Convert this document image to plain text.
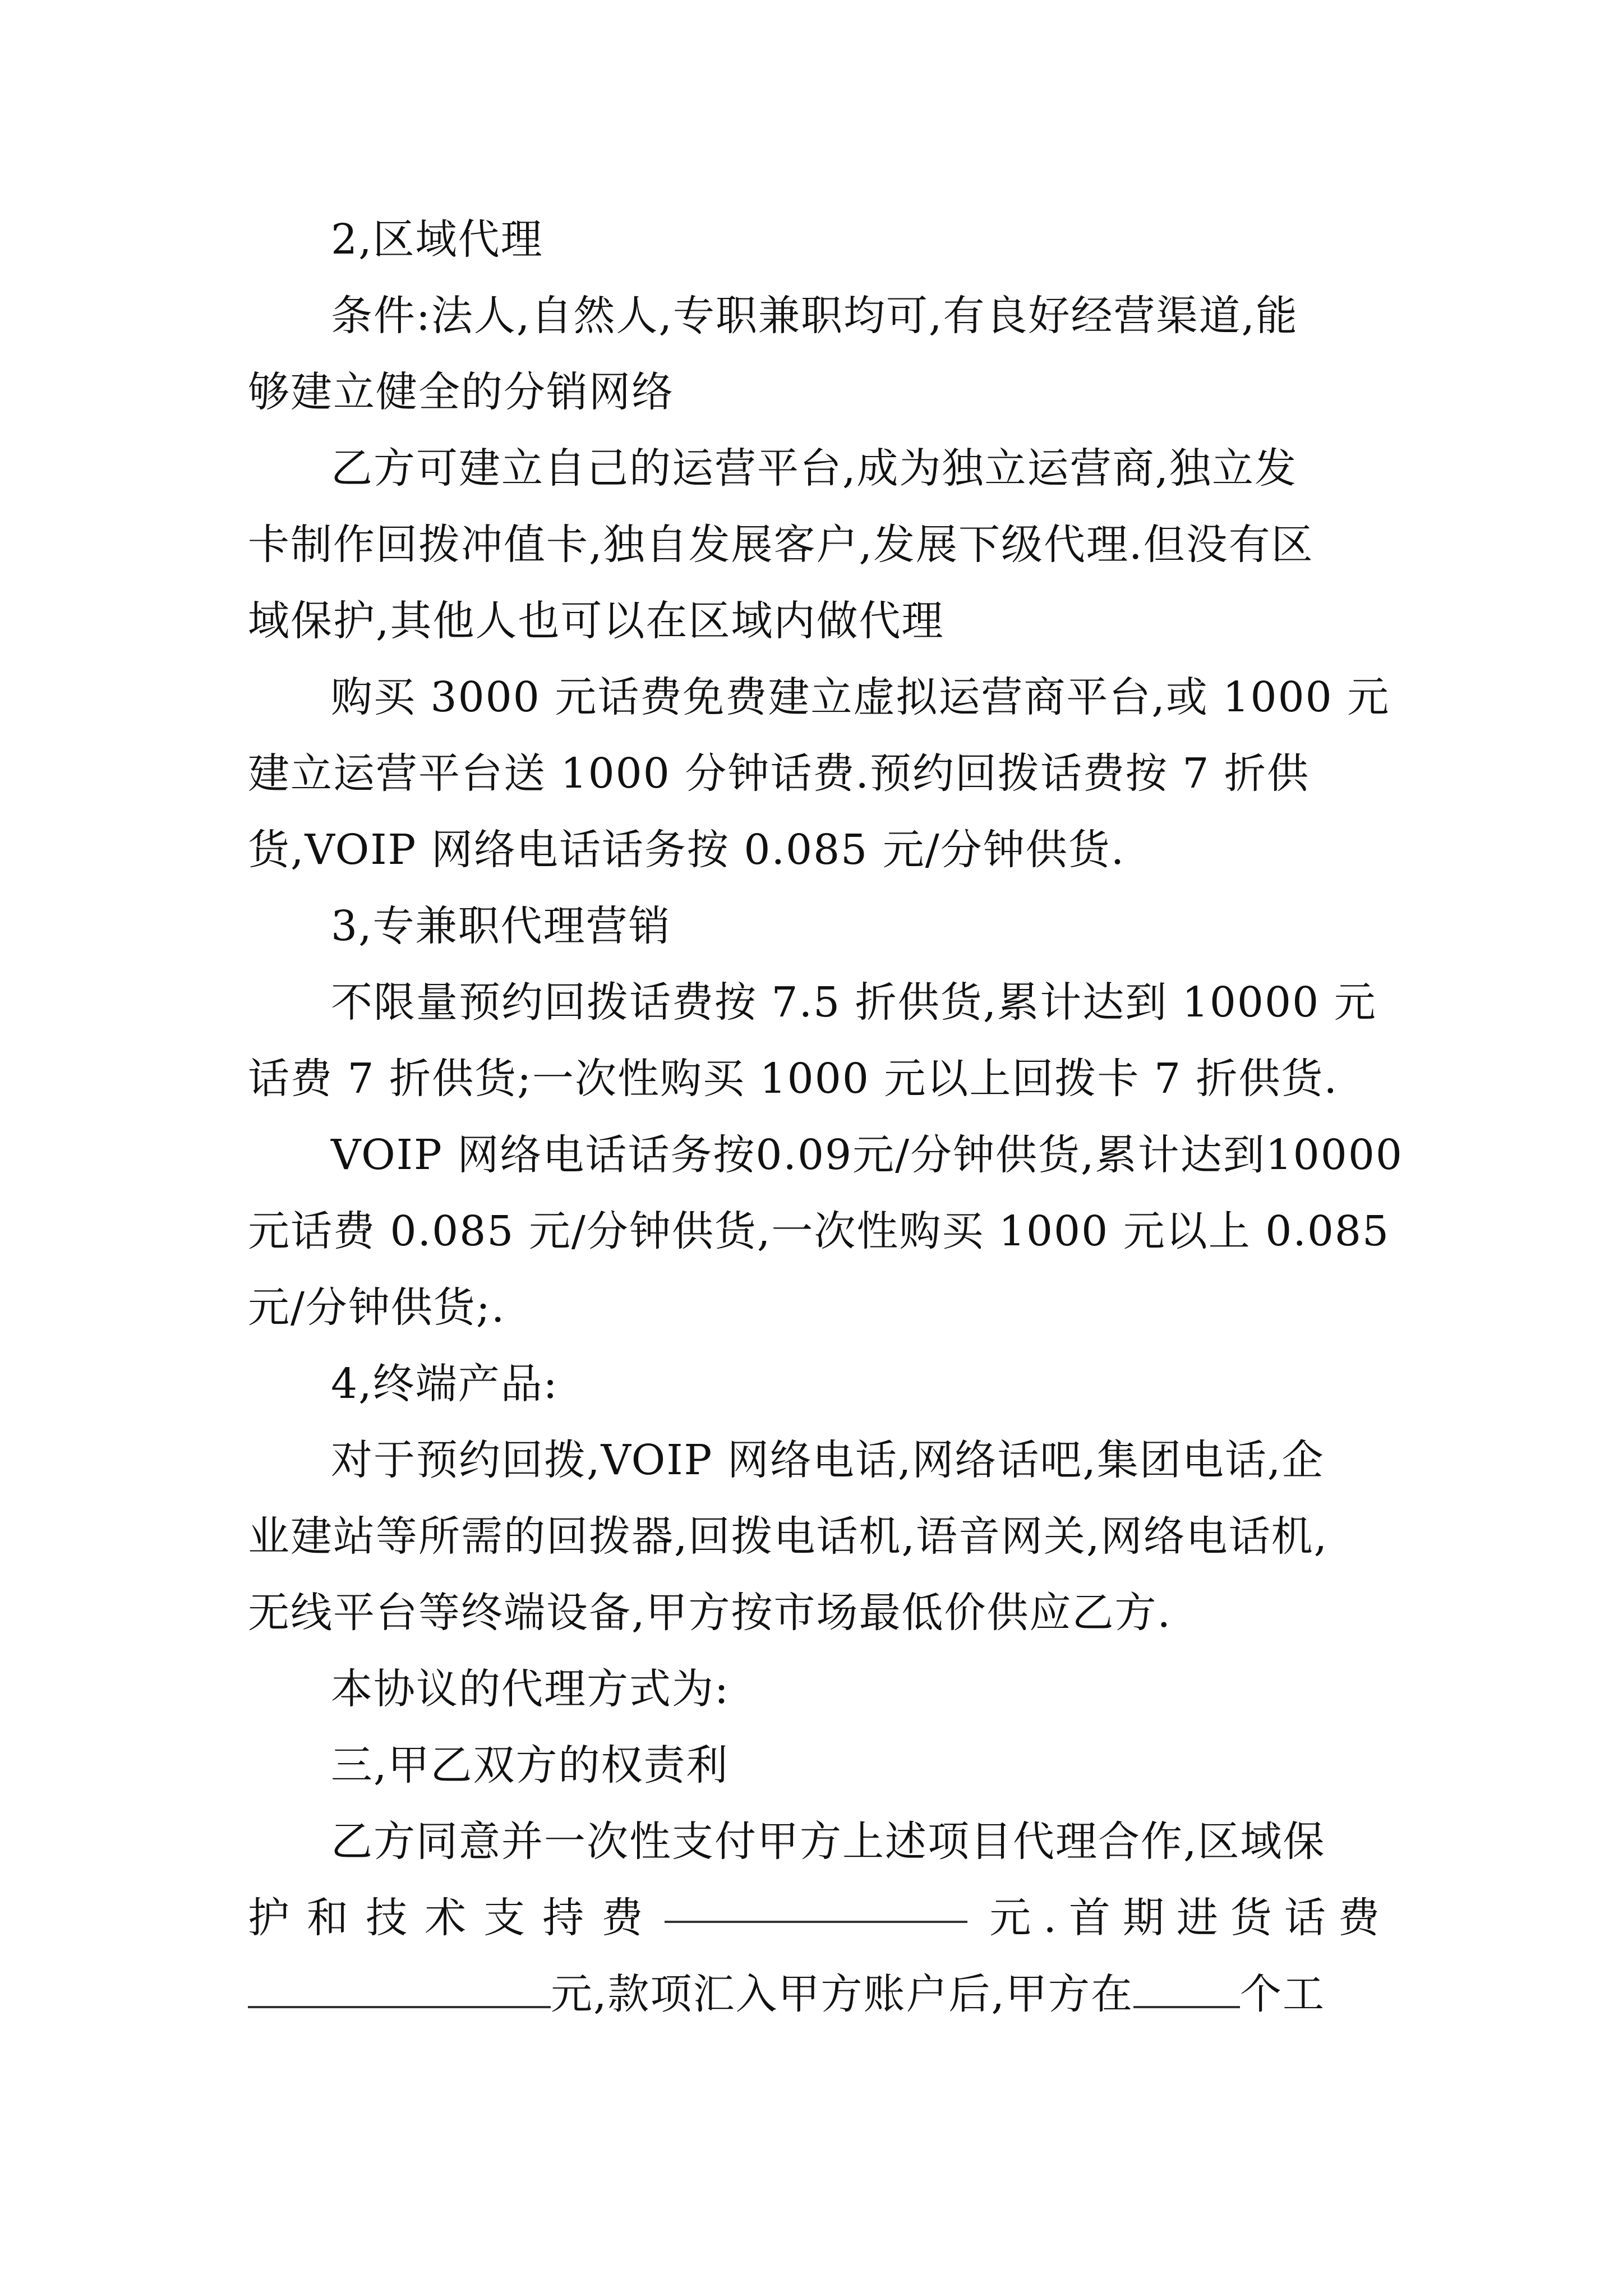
2,区域代理
条件:法人,自然人,专职兼职均可,有良好经营渠道,能
够建立健全的分销网络
乙方可建立自己的运营平台,成为独立运营商,独立发
卡制作回拨冲值卡,独自发展客户,发展下级代理.但没有区
域保护,其他人也可以在区域内做代理
购买 3000 元话费免费建立虚拟运营商平台,或 1000 元
建立运营平台送 1000 分钟话费.预约回拨话费按 7 折供
货,VOIP 网络电话话务按 0.085 元/分钟供货.
3,专兼职代理营销
不限量预约回拨话费按 7.5 折供货,累计达到 10000 元
话费 7 折供货;一次性购买 1000 元以上回拨卡 7 折供货.
VOIP 网络电话话务按0.09元/分钟供货,累计达到10000
元话费 0.085 元/分钟供货,一次性购买 1000 元以上 0.085
元/分钟供货;.
4,终端产品:
对于预约回拨,VOIP 网络电话,网络话吧,集团电话,企
业建站等所需的回拨器,回拨电话机,语音网关,网络电话机,
无线平台等终端设备,甲方按市场最低价供应乙方.
本协议的代理方式为:
三,甲乙双方的权责利
乙方同意并一次性支付甲方上述项目代理合作,区域保
护 和 技 术 支 持 费	元.首期进货话费
元,款项汇入甲方账户后,甲方在	个工
